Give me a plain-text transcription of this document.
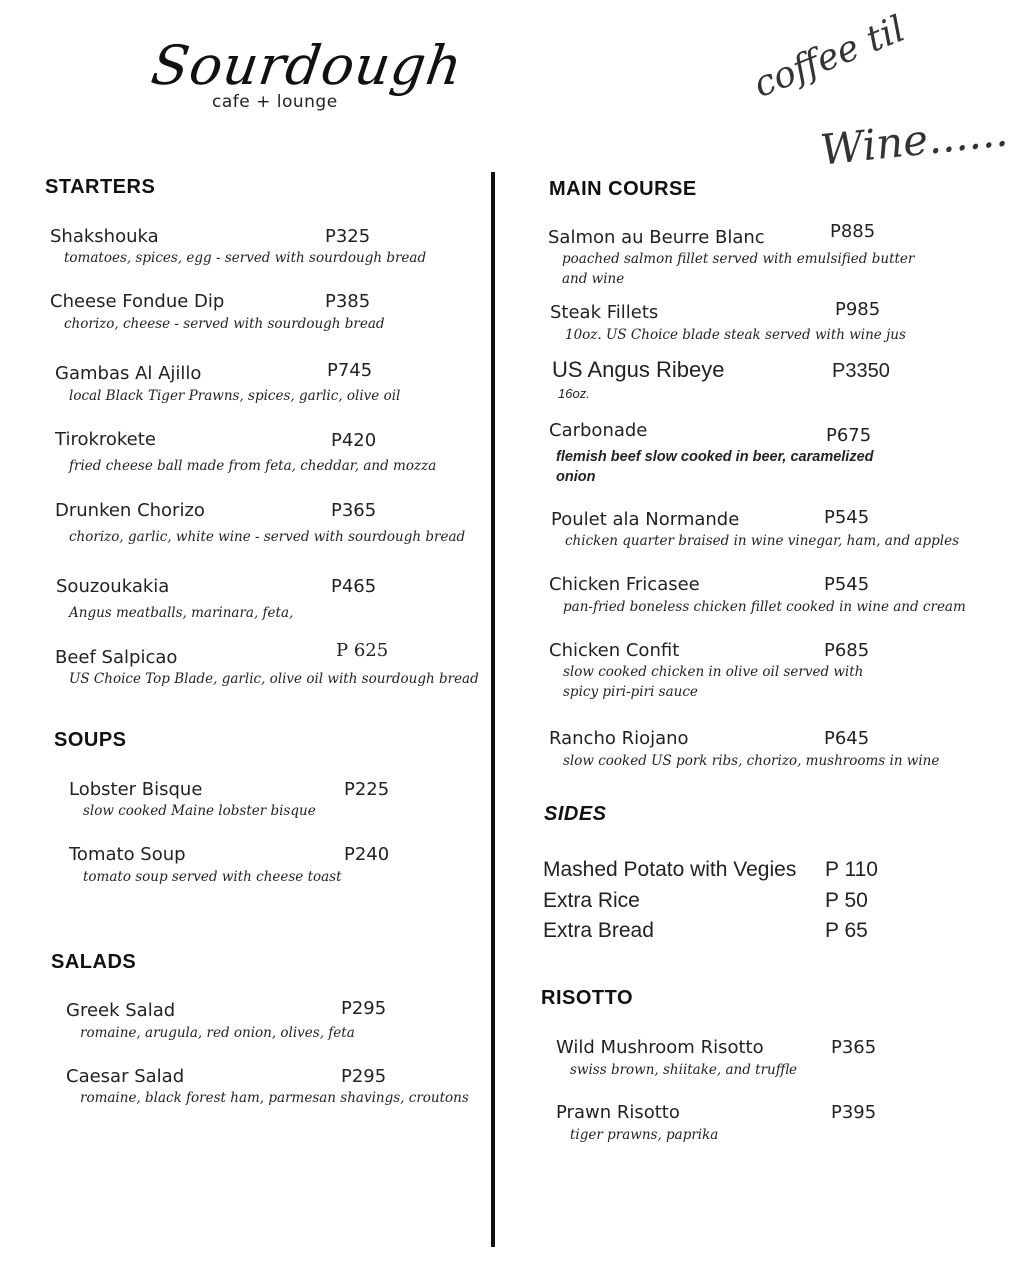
Sourdough
cafe + lounge	coffee til
Wine......
STARTERS
Shakshouka	P325
tomatoes, spices, egg - served with sourdough bread
Cheese Fondue Dip	P385
chorizo, cheese - served with sourdough bread
Gambas Al Ajillo	P745
local Black Tiger Prawns, spices, garlic, olive oil
Tirokrokete	P420
fried cheese ball made from feta, cheddar, and mozza
Drunken Chorizo	P365
chorizo, garlic, white wine - served with sourdough bread
Souzoukakia	P465
Angus meatballs, marinara, feta,
Beef Salpicao	P 625
US Choice Top Blade, garlic, olive oil with sourdough bread
SOUPS
Lobster Bisque	P225
slow cooked Maine lobster bisque
Tomato Soup	P240
tomato soup served with cheese toast
SALADS
Greek Salad	P295
romaine, arugula, red onion, olives, feta
Caesar Salad	P295
romaine, black forest ham, parmesan shavings, croutons
MAIN COURSE
Salmon au Beurre Blanc	P885
poached salmon fillet served with emulsified butter and wine
Steak Fillets	P985
10oz. US Choice blade steak served with wine jus
US Angus Ribeye	P3350
16oz.
Carbonade	P675
flemish beef slow cooked in beer, caramelized onion
Poulet ala Normande	P545
chicken quarter braised in wine vinegar, ham, and apples
Chicken Fricasee	P545
pan-fried boneless chicken fillet cooked in wine and cream
Chicken Confit	P685
slow cooked chicken in olive oil served with spicy piri-piri sauce
Rancho Riojano	P645
slow cooked US pork ribs, chorizo, mushrooms in wine
SIDES
Mashed Potato with Vegies P 110
Extra Rice	P 50
Extra Bread	P 65
RISOTTO
Wild Mushroom Risotto	P365
swiss brown, shiitake, and truffle
Prawn Risotto	P395
tiger prawns, paprika
